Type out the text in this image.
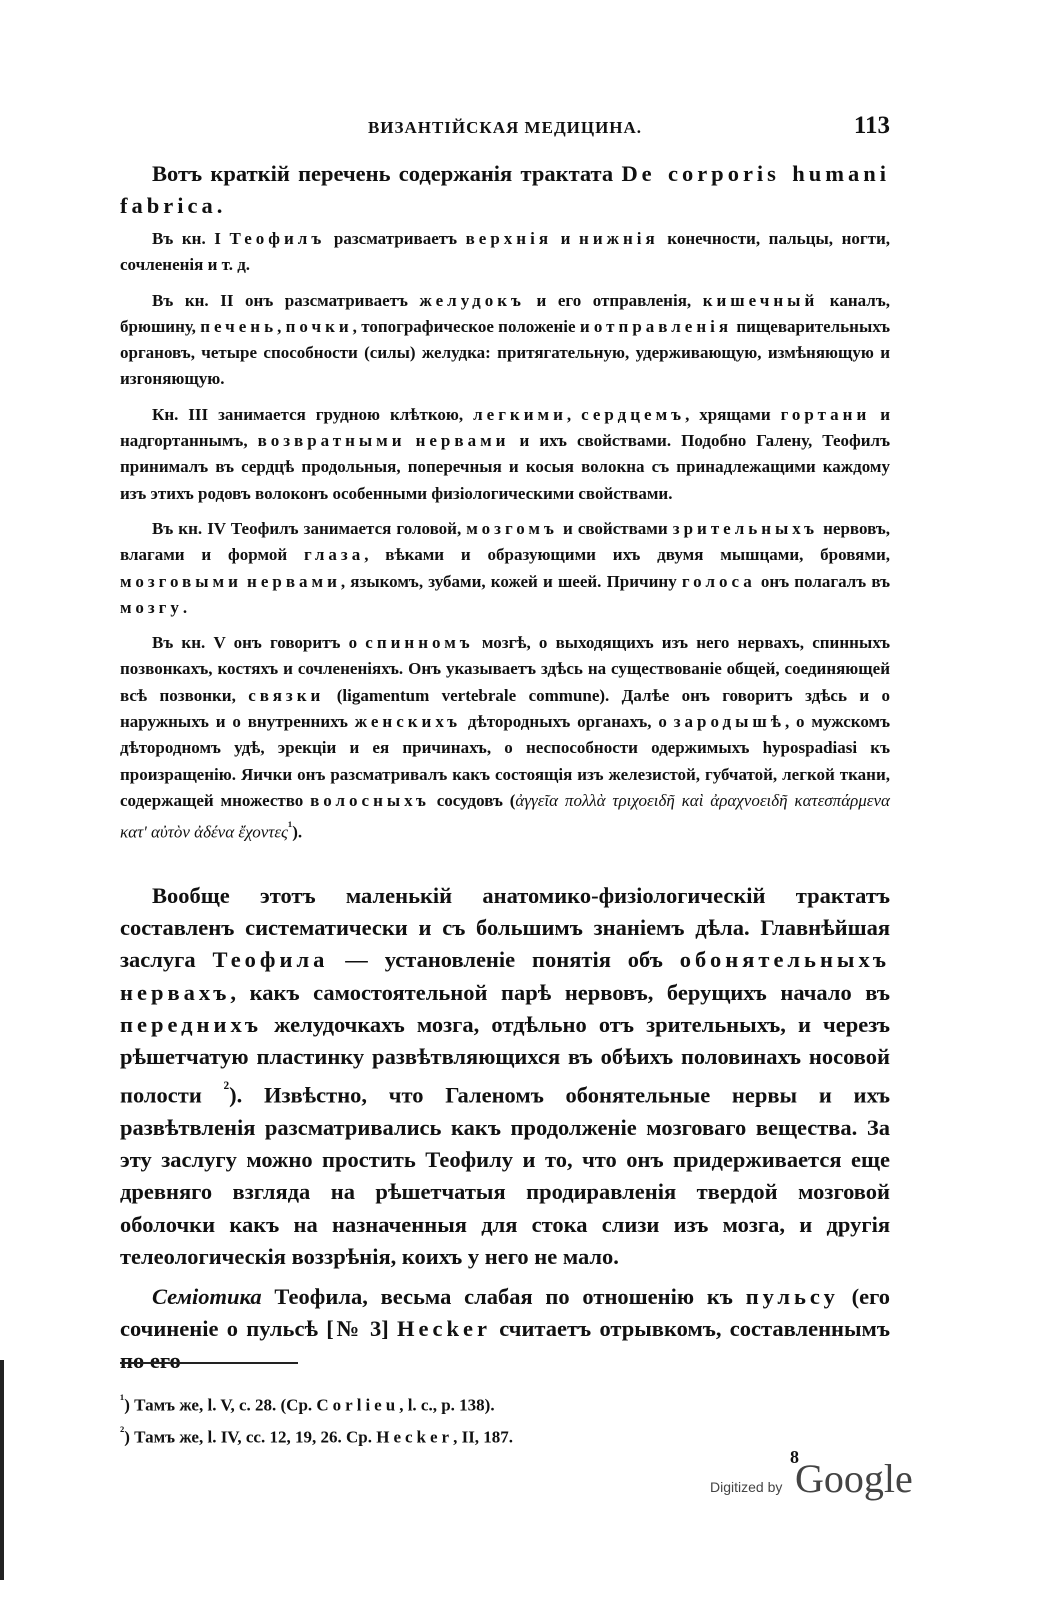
ВИЗАНТІЙСКАЯ МЕДИЦИНА.	113

Вотъ краткій перечень содержанія трактата De corporis humani fabrica.

Въ кн. I Теофилъ разсматриваетъ верхнія и нижнія конечности, пальцы, ногти, сочлененія и т. д.

Въ кн. II онъ разсматриваетъ желудокъ и его отправленія, кишечный каналъ, брюшину, печень, почки, топографическое положеніе и отправленія пищеварительныхъ органовъ, четыре способности (силы) желудка: притягательную, удерживающую, измѣняющую и изгоняющую.

Кн. III занимается грудною клѣткою, легкими, сердцемъ, хрящами гортани и надгортаннымъ, возвратными нервами и ихъ свойствами. Подобно Галену, Теофилъ принималъ въ сердцѣ продольныя, поперечныя и косыя волокна съ принадлежащими каждому изъ этихъ родовъ волоконъ особенными физіологическими свойствами.

Въ кн. IV Теофилъ занимается головой, мозгомъ и свойствами зрительныхъ нервовъ, влагами и формой глаза, вѣками и образующими ихъ двумя мышцами, бровями, мозговыми нервами, языкомъ, зубами, кожей и шеей. Причину голоса онъ полагалъ въ мозгу.

Въ кн. V онъ говоритъ о спинномъ мозгѣ, о выходящихъ изъ него нервахъ, спинныхъ позвонкахъ, костяхъ и сочлененіяхъ. Онъ указываетъ здѣсь на существованіе общей, соединяющей всѣ позвонки, связки (ligamentum vertebrale commune). Далѣе онъ говоритъ здѣсь и о наружныхъ и о внутреннихъ женскихъ дѣтородныхъ органахъ, о зародышѣ, о мужскомъ дѣтородномъ удѣ, эрекціи и ея причинахъ, о неспособности одержимыхъ hypospadiasi къ произращенію. Яички онъ разсматривалъ какъ состоящія изъ железистой, губчатой, легкой ткани, содержащей множество волосныхъ сосудовъ (ἀγγεῖα πολλὰ τριχοειδῆ καὶ ἀραχνοειδῆ κατεσπάρμενα κατ' αὐτὸν ἀδένα ἔχοντες$^{^1}$).

Вообще этотъ маленькій анатомико-физіологическій трактатъ составленъ систематически и съ большимъ знаніемъ дѣла. Главнѣйшая заслуга Теофила — установленіе понятія объ обонятельныхъ нервахъ, какъ самостоятельной парѣ нервовъ, берущихъ начало въ переднихъ желудочкахъ мозга, отдѣльно отъ зрительныхъ, и черезъ рѣшетчатую пластинку развѣтвляющихся въ обѣихъ половинахъ носовой полости $^{^2}$). Извѣстно, что Галеномъ обонятельные нервы и ихъ развѣтвленія разсматривались какъ продолженіе мозговаго вещества. За эту заслугу можно простить Теофилу и то, что онъ придерживается еще древняго взгляда на рѣшетчатыя продиравленія твердой мозговой оболочки какъ на назначенныя для стока слизи изъ мозга, и другія телеологическія воззрѣнія, коихъ у него не мало.

Семіотика Теофила, весьма слабая по отношенію къ пульсу (его сочиненіе о пульсѣ [№ 3] Hecker считаетъ отрывкомъ, составленнымъ по его

$^{^1}$) Тамъ же, l. V, c. 28. (Cp. Corlieu, l. c., p. 138).

$^{^2}$) Тамъ же, l. IV, cc. 12, 19, 26. Cp. Hecker, II, 187.

8
Digitized by Google
